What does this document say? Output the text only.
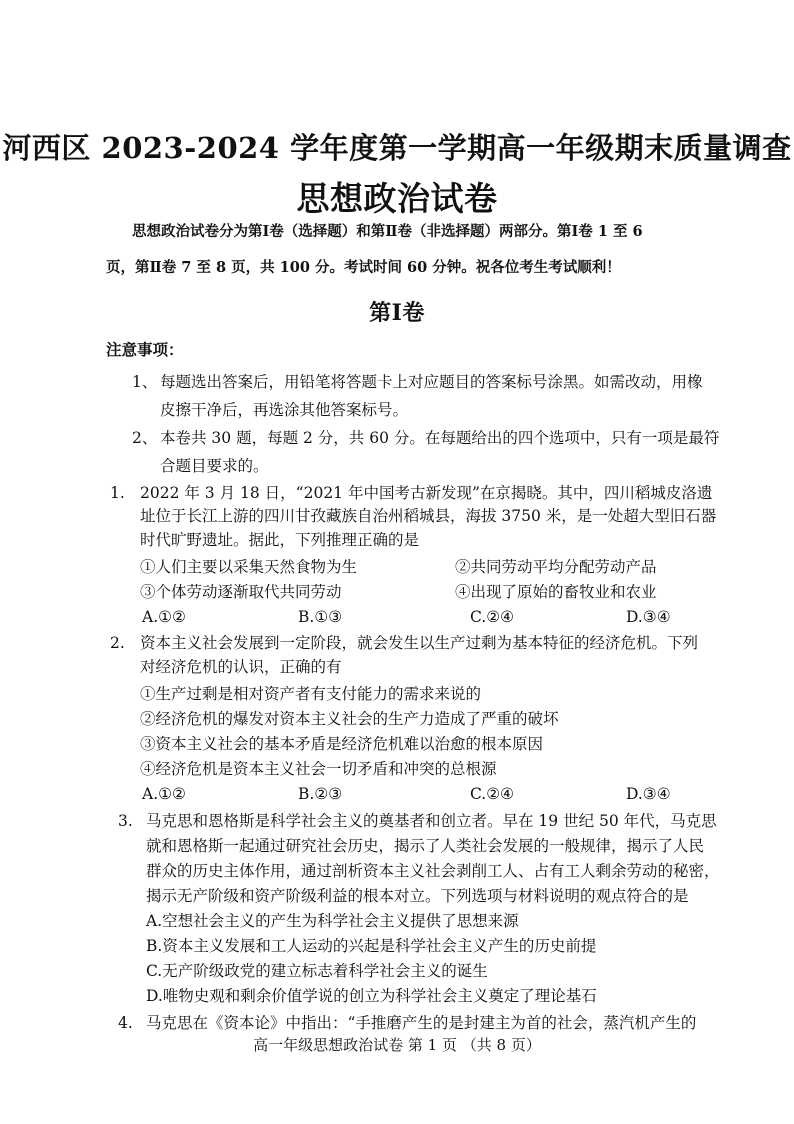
河西区 2023-2024 学年度第一学期高一年级期末质量调查
思想政治试卷
思想政治试卷分为第Ⅰ卷（选择题）和第Ⅱ卷（非选择题）两部分。第Ⅰ卷 1 至 6
页，第Ⅱ卷 7 至 8 页，共 100 分。考试时间 60 分钟。祝各位考生考试顺利！
第Ⅰ卷
注意事项：
1、 每题选出答案后，用铅笔将答题卡上对应题目的答案标号涂黑。如需改动，用橡
皮擦干净后，再选涂其他答案标号。
2、 本卷共 30 题，每题 2 分，共 60 分。在每题给出的四个选项中，只有一项是最符
合题目要求的。
1. 2022 年 3 月 18 日，“2021 年中国考古新发现”在京揭晓。其中，四川稻城皮洛遗
址位于长江上游的四川甘孜藏族自治州稻城县，海拔 3750 米，是一处超大型旧石器
时代旷野遗址。据此，下列推理正确的是
①人们主要以采集天然食物为生	②共同劳动平均分配劳动产品
③个体劳动逐渐取代共同劳动	④出现了原始的畜牧业和农业
A.①②	B.①③	C.②④	D.③④
2. 资本主义社会发展到一定阶段，就会发生以生产过剩为基本特征的经济危机。下列
对经济危机的认识，正确的有
①生产过剩是相对资产者有支付能力的需求来说的
②经济危机的爆发对资本主义社会的生产力造成了严重的破坏
③资本主义社会的基本矛盾是经济危机难以治愈的根本原因
④经济危机是资本主义社会一切矛盾和冲突的总根源
A.①②	B.②③	C.②④	D.③④
3. 马克思和恩格斯是科学社会主义的奠基者和创立者。早在 19 世纪 50 年代，马克思
就和恩格斯一起通过研究社会历史，揭示了人类社会发展的一般规律，揭示了人民
群众的历史主体作用，通过剖析资本主义社会剥削工人、占有工人剩余劳动的秘密，
揭示无产阶级和资产阶级利益的根本对立。下列选项与材料说明的观点符合的是
A.空想社会主义的产生为科学社会主义提供了思想来源
B.资本主义发展和工人运动的兴起是科学社会主义产生的历史前提
C.无产阶级政党的建立标志着科学社会主义的诞生
D.唯物史观和剩余价值学说的创立为科学社会主义奠定了理论基石
4. 马克思在《资本论》中指出：“手推磨产生的是封建主为首的社会，蒸汽机产生的
高一年级思想政治试卷 第 1 页 （共 8 页）
